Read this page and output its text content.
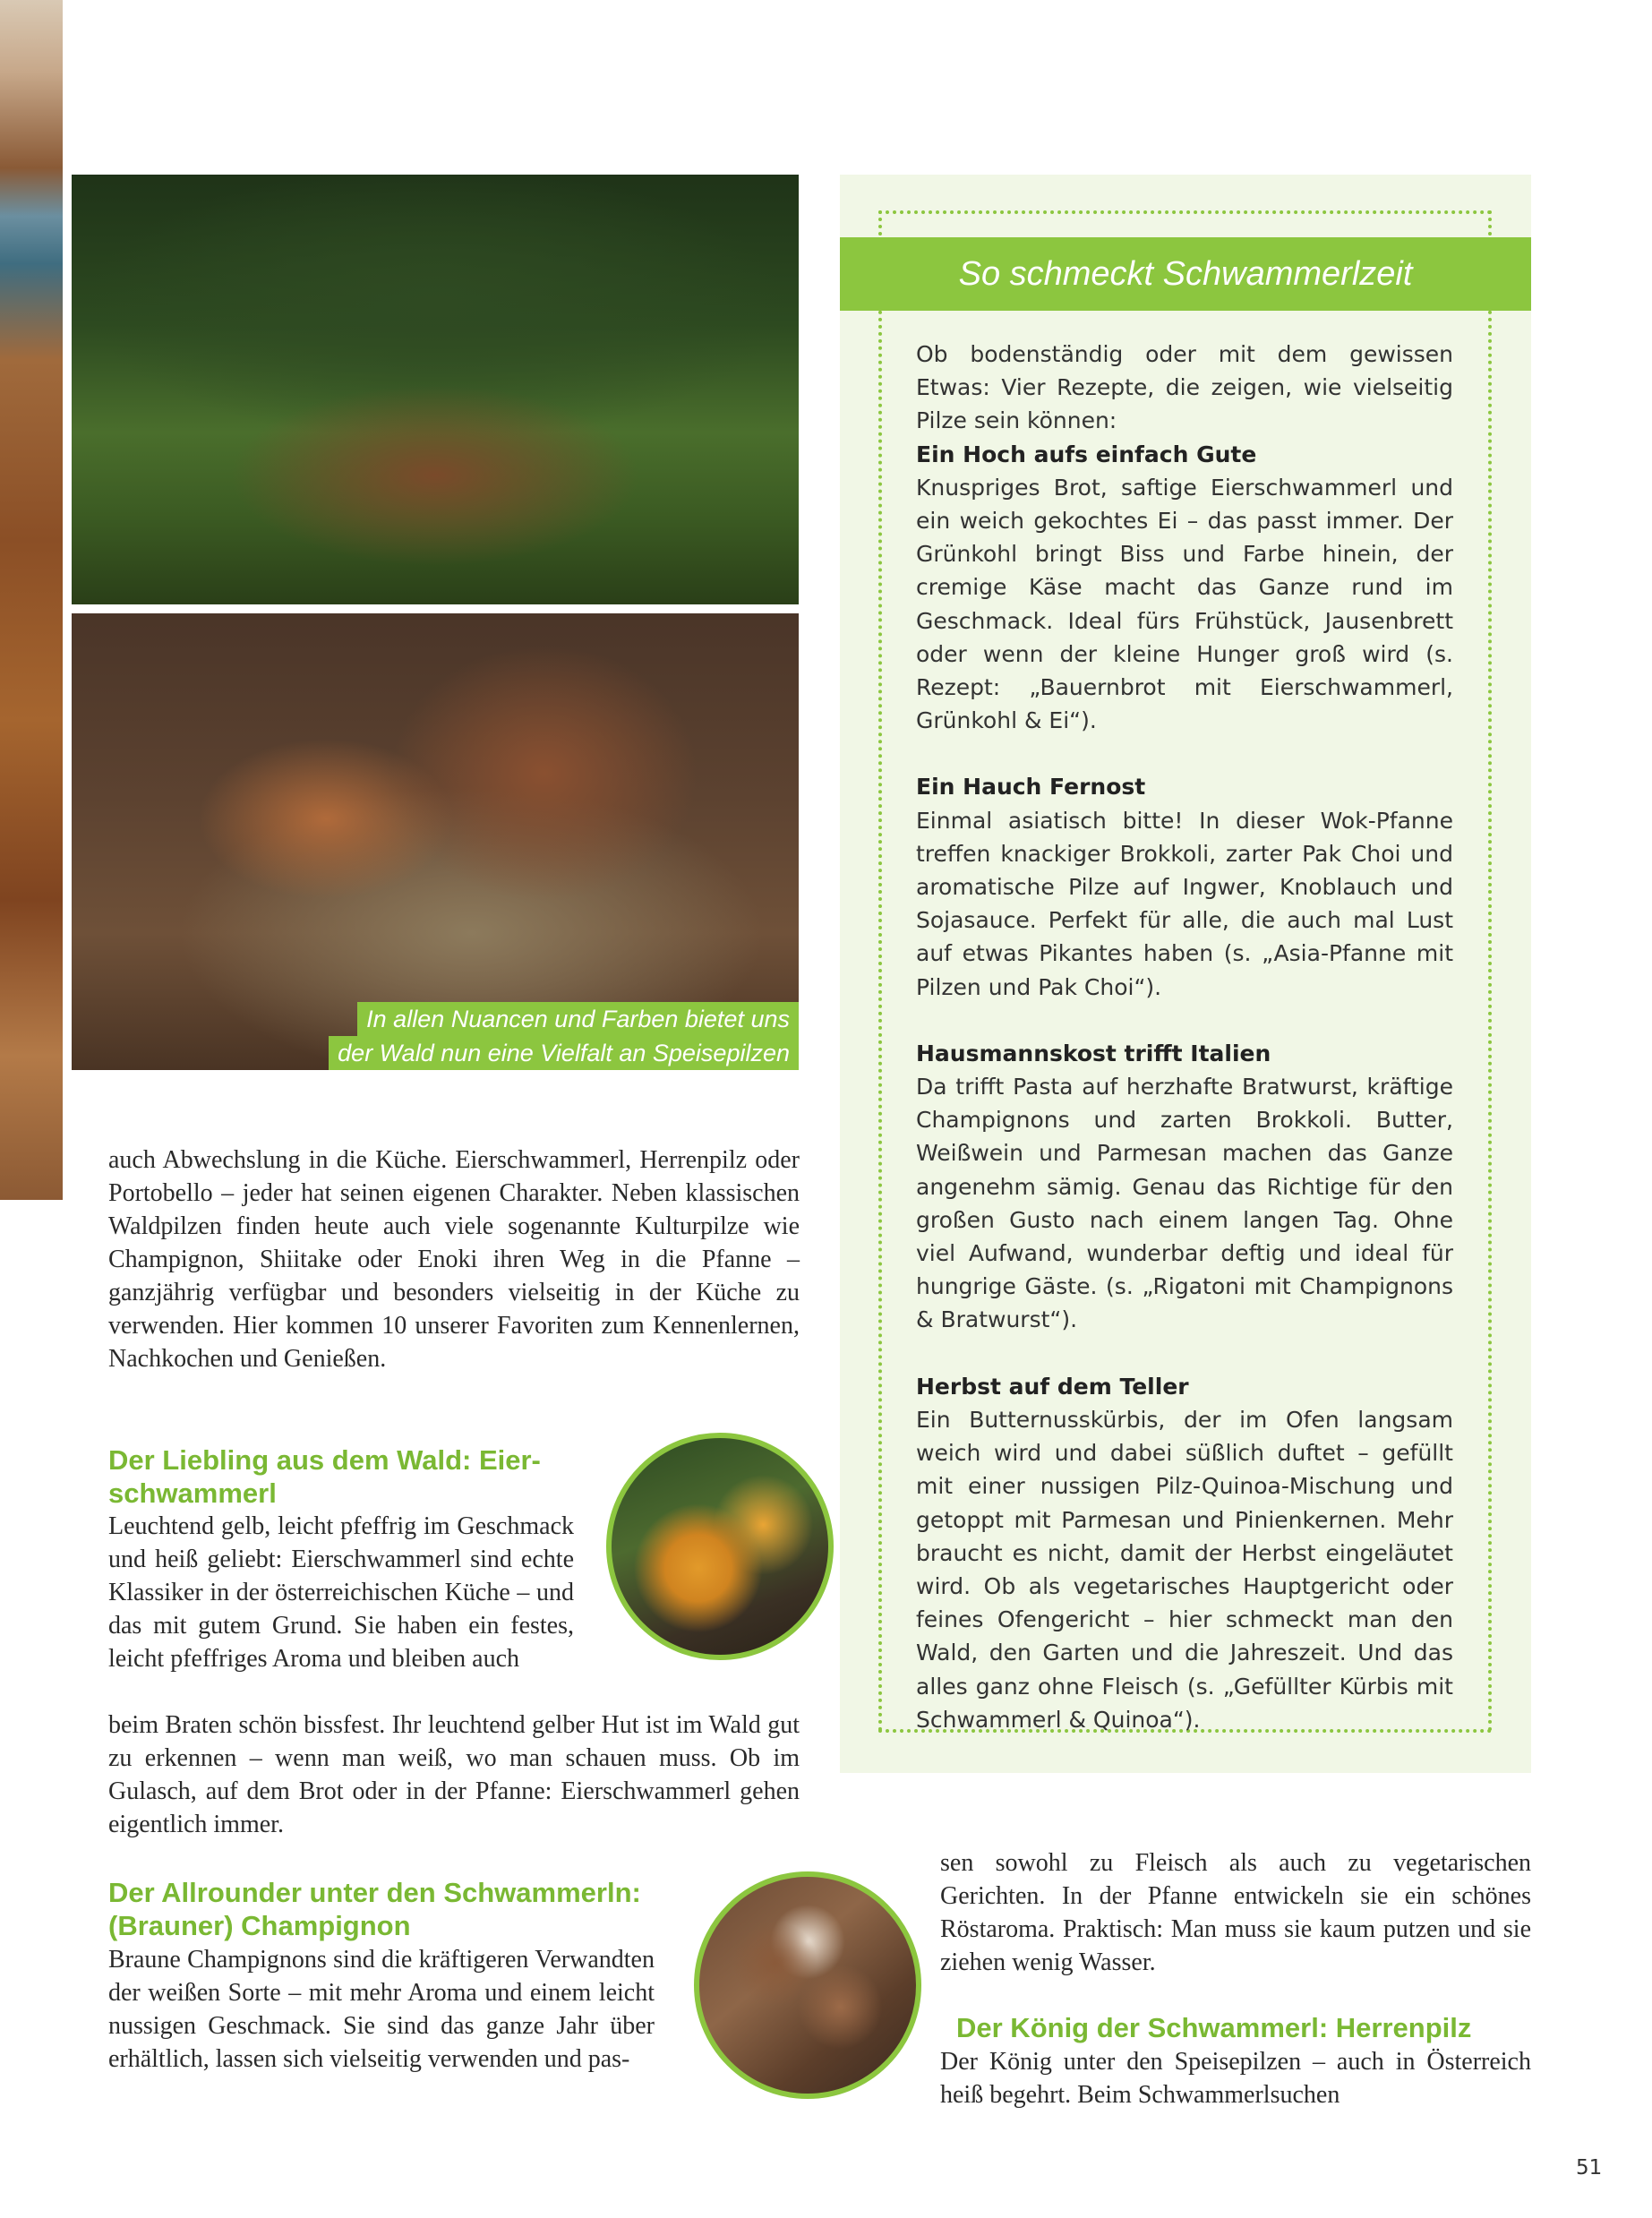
In allen Nuancen und Farben bietet uns
der Wald nun eine Vielfalt an Speisepilzen

auch Abwechslung in die Küche. Eierschwammerl, Herrenpilz oder Portobello – jeder hat seinen eigenen Charakter. Neben klassischen Waldpilzen finden heute auch viele sogenannte Kulturpilze wie Champignon, Shiitake oder Enoki ihren Weg in die Pfanne – ganzjährig verfügbar und besonders vielseitig in der Küche zu verwenden. Hier kommen 10 unserer Favoriten zum Kennenlernen, Nachkochen und Genießen.

Der Liebling aus dem Wald: Eier-

schwammerl

Leuchtend gelb, leicht pfeffrig im Geschmack und heiß geliebt: Eierschwammerl sind echte Klassiker in der österreichischen Küche – und das mit gutem Grund. Sie haben ein festes, leicht pfeffriges Aroma und bleiben auch

beim Braten schön bissfest. Ihr leuchtend gelber Hut ist im Wald gut zu erkennen – wenn man weiß, wo man schauen muss. Ob im Gulasch, auf dem Brot oder in der Pfanne: Eierschwammerl gehen eigentlich immer.

Der Allrounder unter den Schwammerln:

(Brauner) Champignon

Braune Champignons sind die kräftigeren Verwandten der weißen Sorte – mit mehr Aroma und einem leicht nussigen Geschmack. Sie sind das ganze Jahr über erhältlich, lassen sich vielseitig verwenden und pas-

sen sowohl zu Fleisch als auch zu vegetarischen Gerichten. In der Pfanne entwickeln sie ein schönes Röstaroma. Praktisch: Man muss sie kaum putzen und sie ziehen wenig Wasser.

Der König der Schwammerl: Herrenpilz

Der König unter den Speisepilzen – auch in Österreich heiß begehrt. Beim Schwammerlsuchen

So schmeckt Schwammerlzeit

Ob bodenständig oder mit dem gewissen Etwas: Vier Rezepte, die zeigen, wie vielseitig Pilze sein können:

Ein Hoch aufs einfach Gute

Knuspriges Brot, saftige Eierschwammerl und ein weich gekochtes Ei – das passt immer. Der Grünkohl bringt Biss und Farbe hinein, der cremige Käse macht das Ganze rund im Geschmack. Ideal fürs Frühstück, Jausenbrett oder wenn der kleine Hunger groß wird (s. Rezept: „Bauernbrot mit Eierschwammerl, Grünkohl & Ei“).

Ein Hauch Fernost

Einmal asiatisch bitte! In dieser Wok-Pfanne treffen knackiger Brokkoli, zarter Pak Choi und aromatische Pilze auf Ingwer, Knoblauch und Sojasauce. Perfekt für alle, die auch mal Lust auf etwas Pikantes haben (s. „Asia-Pfanne mit Pilzen und Pak Choi“).

Hausmannskost trifft Italien

Da trifft Pasta auf herzhafte Bratwurst, kräftige Champignons und zarten Brokkoli. Butter, Weißwein und Parmesan machen das Ganze angenehm sämig. Genau das Richtige für den großen Gusto nach einem langen Tag. Ohne viel Aufwand, wunderbar deftig und ideal für hungrige Gäste. (s. „Rigatoni mit Champignons & Bratwurst“).

Herbst auf dem Teller

Ein Butternusskürbis, der im Ofen langsam weich wird und dabei süßlich duftet – gefüllt mit einer nussigen Pilz-Quinoa-Mischung und getoppt mit Parmesan und Pinienkernen. Mehr braucht es nicht, damit der Herbst eingeläutet wird. Ob als vegetarisches Hauptgericht oder feines Ofengericht – hier schmeckt man den Wald, den Garten und die Jahreszeit. Und das alles ganz ohne Fleisch (s. „Gefüllter Kürbis mit Schwammerl & Quinoa“).

51
